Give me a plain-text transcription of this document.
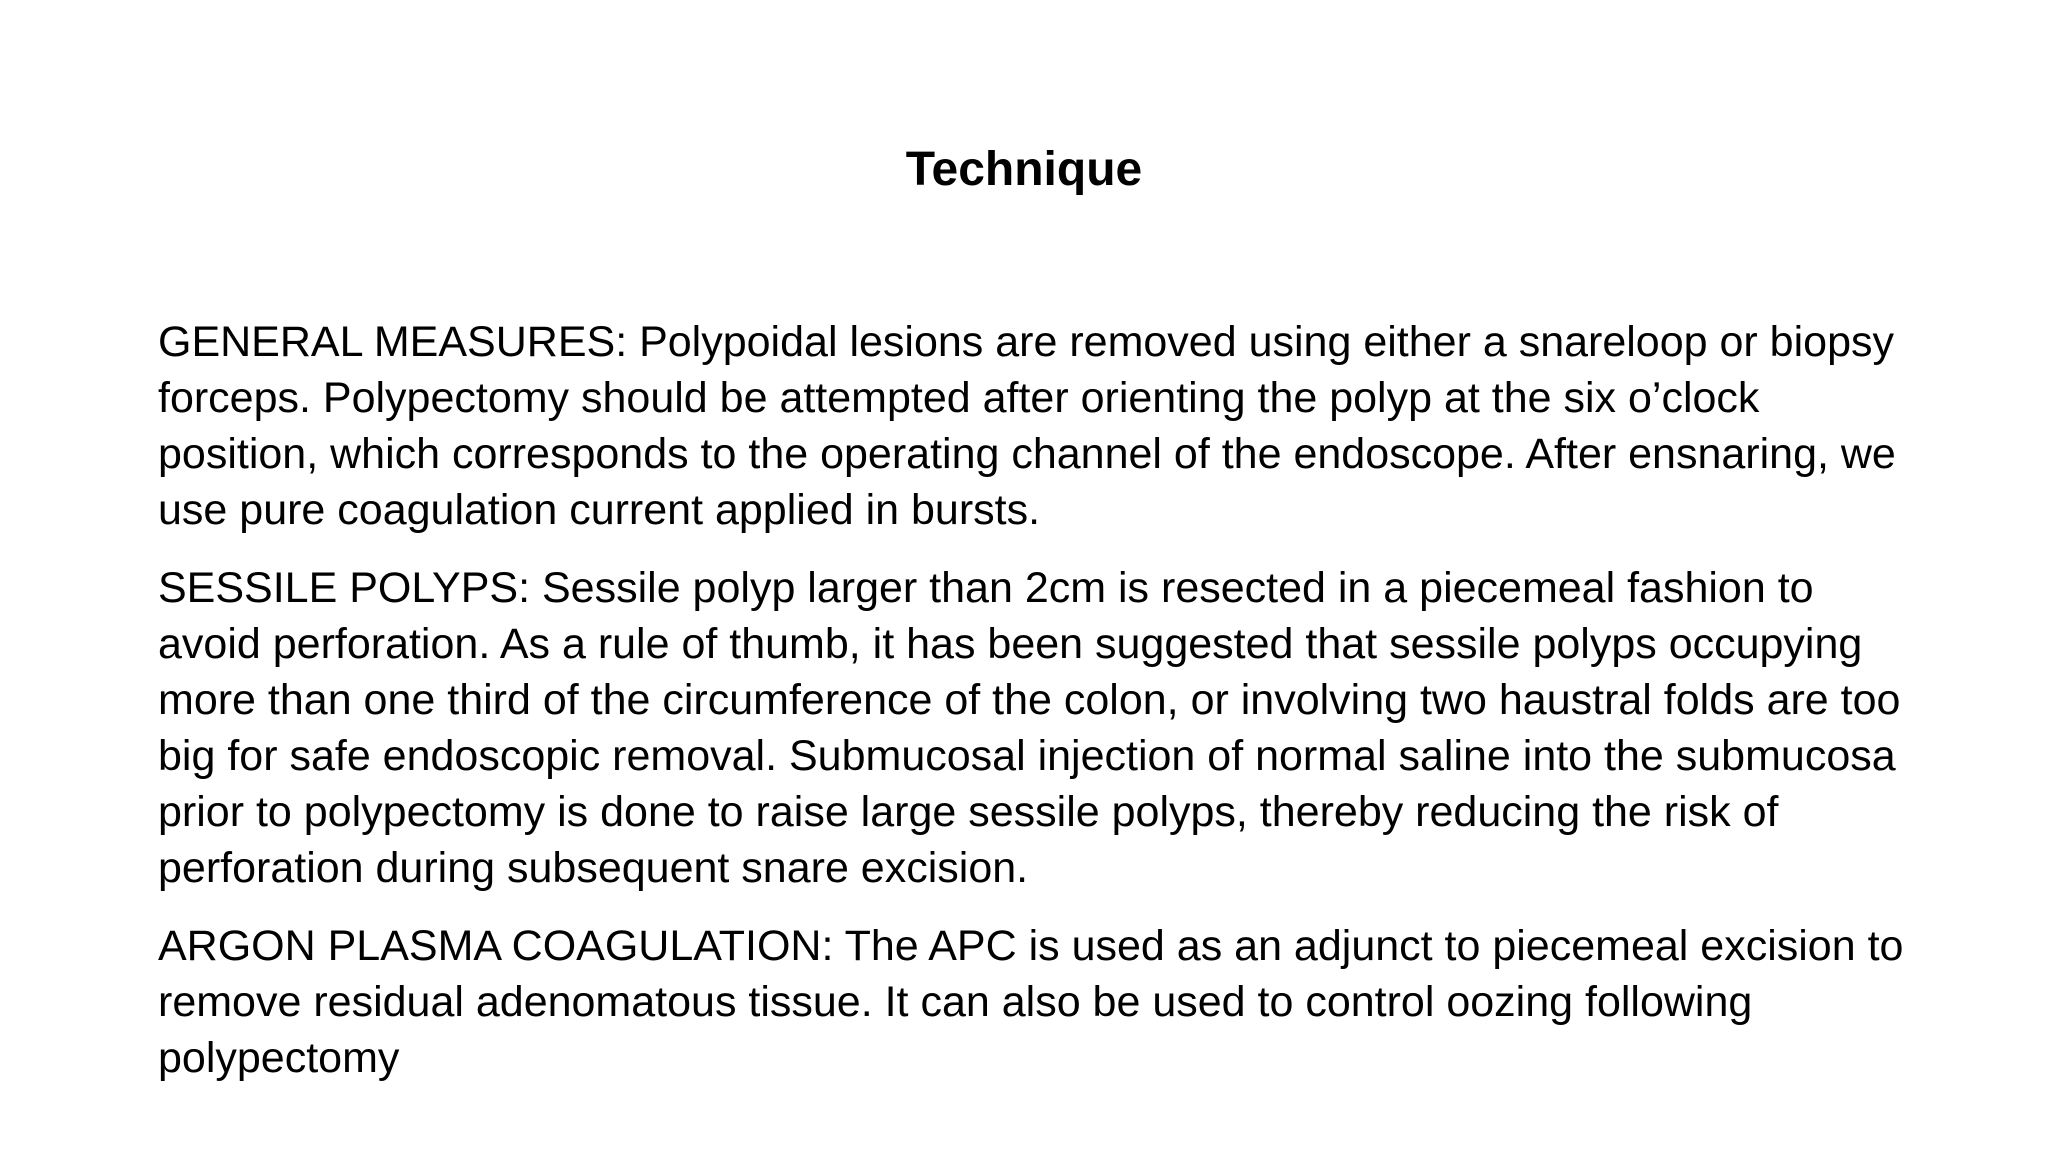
Technique

GENERAL MEASURES: Polypoidal lesions are removed using either a snareloop or biopsy forceps. Polypectomy should be attempted after orienting the polyp at the six o’clock position, which corresponds to the operating channel of the endoscope. After ensnaring, we use pure coagulation current applied in bursts.

SESSILE POLYPS: Sessile polyp larger than 2cm is resected in a piecemeal fashion to avoid perforation. As a rule of thumb, it has been suggested that sessile polyps occupying more than one third of the circumference of the colon, or involving two haustral folds are too big for safe endoscopic removal. Submucosal injection of normal saline into the submucosa prior to polypectomy is done to raise large sessile polyps, thereby reducing the risk of perforation during subsequent snare excision.

ARGON PLASMA COAGULATION: The APC is used as an adjunct to piecemeal excision to remove residual adenomatous tissue. It can also be used to control oozing following polypectomy
